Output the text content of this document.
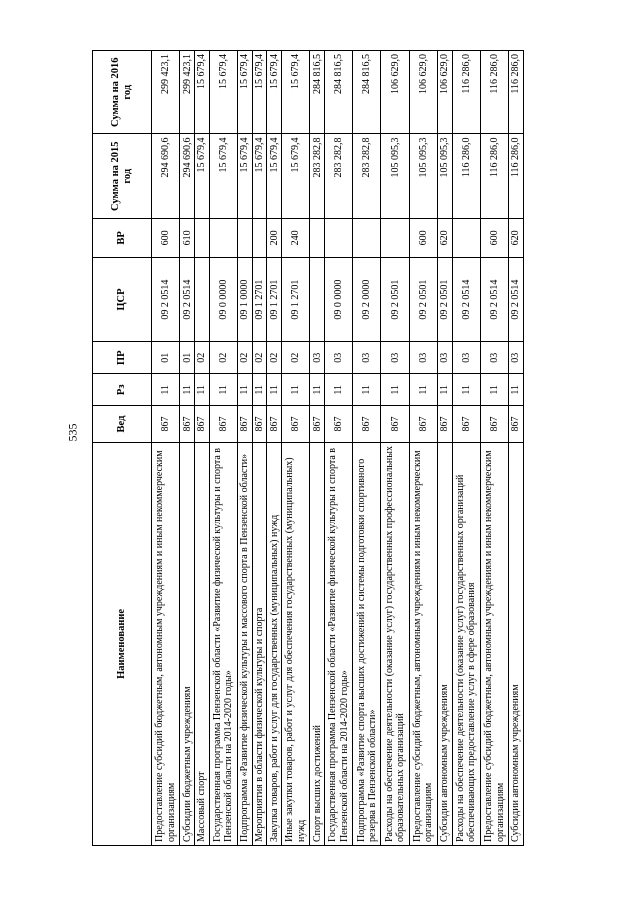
535
Наименование	Вед	Рз	ПР	ЦСР	ВР	Сумма на 2015 год	Сумма на 2016 год
Предоставление субсидий бюджетным, автономным учреждениям и иным некоммерческим организациям	867	11	01	09 2 0514	600	294 690,6	299 423,1
Субсидии бюджетным учреждениям	867	11	01	09 2 0514	610	294 690,6	299 423,1
Массовый спорт	867	11	02			15 679,4	15 679,4
Государственная программа Пензенской области «Развитие физической культуры и спорта в Пензенской области на 2014-2020 годы»	867	11	02	09 0 0000		15 679,4	15 679,4
Подпрограмма «Развитие физической культуры и массового спорта в Пензенской области»	867	11	02	09 1 0000		15 679,4	15 679,4
Мероприятия в области физической культуры и спорта	867	11	02	09 1 2701		15 679,4	15 679,4
Закупка товаров, работ и услуг для государственных (муниципальных) нужд	867	11	02	09 1 2701	200	15 679,4	15 679,4
Иные закупки товаров, работ и услуг для обеспечения государственных (муниципальных) нужд	867	11	02	09 1 2701	240	15 679,4	15 679,4
Спорт высших достижений	867	11	03			283 282,8	284 816,5
Государственная программа Пензенской области «Развитие физической культуры и спорта в Пензенской области на 2014-2020 годы»	867	11	03	09 0 0000		283 282,8	284 816,5
Подпрограмма «Развитие спорта высших достижений и системы подготовки спортивного резерва в Пензенской области»	867	11	03	09 2 0000		283 282,8	284 816,5
Расходы на обеспечение деятельности (оказание услуг) государственных профессиональных образовательных организаций	867	11	03	09 2 0501		105 095,3	106 629,0
Предоставление субсидий бюджетным, автономным учреждениям и иным некоммерческим организациям	867	11	03	09 2 0501	600	105 095,3	106 629,0
Субсидии автономным учреждениям	867	11	03	09 2 0501	620	105 095,3	106 629,0
Расходы на обеспечение деятельности (оказание услуг) государственных организаций обеспечивающих предоставление услуг в сфере образования	867	11	03	09 2 0514		116 286,0	116 286,0
Предоставление субсидий бюджетным, автономным учреждениям и иным некоммерческим организациям	867	11	03	09 2 0514	600	116 286,0	116 286,0
Субсидии автономным учреждениям	867	11	03	09 2 0514	620	116 286,0	116 286,0
